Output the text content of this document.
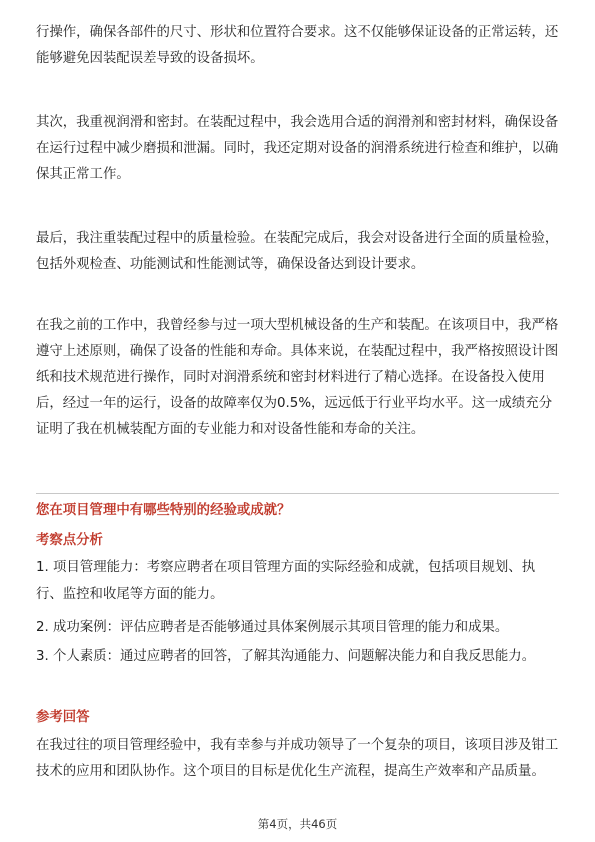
行操作，确保各部件的尺寸、形状和位置符合要求。这不仅能够保证设备的正常运转，还能够避免因装配误差导致的设备损坏。

其次，我重视润滑和密封。在装配过程中，我会选用合适的润滑剂和密封材料，确保设备在运行过程中减少磨损和泄漏。同时，我还定期对设备的润滑系统进行检查和维护，以确保其正常工作。

最后，我注重装配过程中的质量检验。在装配完成后，我会对设备进行全面的质量检验，包括外观检查、功能测试和性能测试等，确保设备达到设计要求。

在我之前的工作中，我曾经参与过一项大型机械设备的生产和装配。在该项目中，我严格遵守上述原则，确保了设备的性能和寿命。具体来说，在装配过程中，我严格按照设计图纸和技术规范进行操作，同时对润滑系统和密封材料进行了精心选择。在设备投入使用后，经过一年的运行，设备的故障率仅为0.5%，远远低于行业平均水平。这一成绩充分证明了我在机械装配方面的专业能力和对设备性能和寿命的关注。

您在项目管理中有哪些特别的经验或成就？

考察点分析

1. 项目管理能力：考察应聘者在项目管理方面的实际经验和成就，包括项目规划、执行、监控和收尾等方面的能力。

2. 成功案例：评估应聘者是否能够通过具体案例展示其项目管理的能力和成果。

3. 个人素质：通过应聘者的回答，了解其沟通能力、问题解决能力和自我反思能力。

参考回答

在我过往的项目管理经验中，我有幸参与并成功领导了一个复杂的项目，该项目涉及钳工技术的应用和团队协作。这个项目的目标是优化生产流程，提高生产效率和产品质量。

第4页，共46页
